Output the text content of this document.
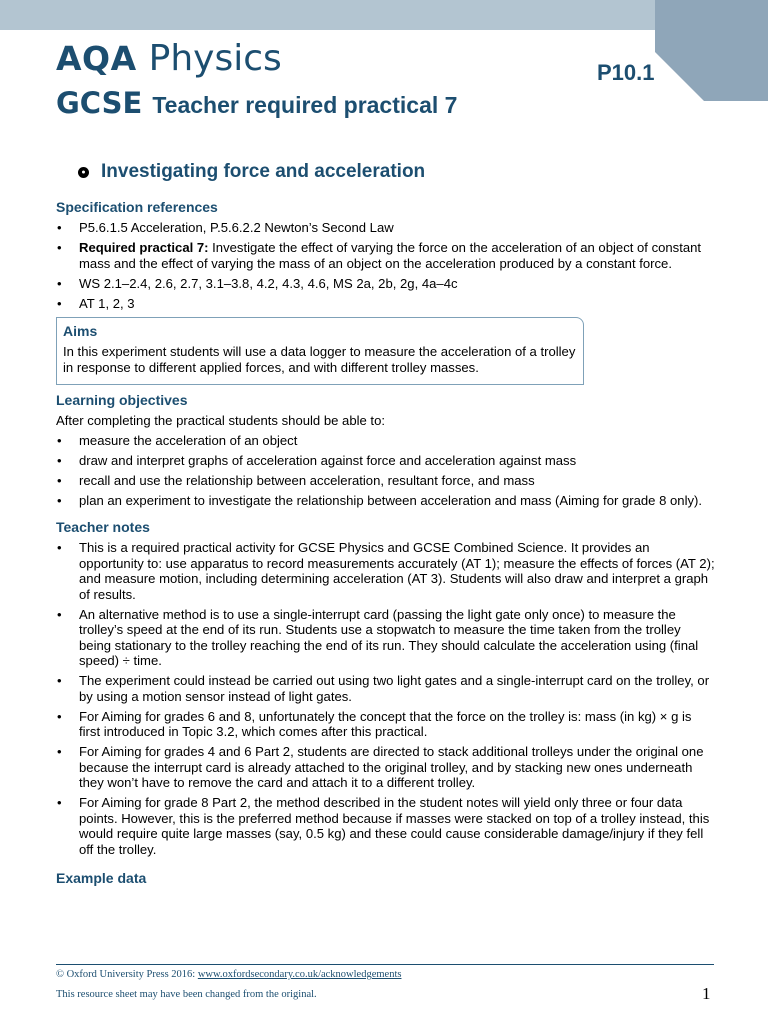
AQA Physics
GCSE Teacher required practical 7
P10.1
● Investigating force and acceleration
Specification references
• P5.6.1.5 Acceleration, P.5.6.2.2 Newton’s Second Law
• Required practical 7: Investigate the effect of varying the force on the acceleration of an object of constant mass and the effect of varying the mass of an object on the acceleration produced by a constant force.
• WS 2.1–2.4, 2.6, 2.7, 3.1–3.8, 4.2, 4.3, 4.6, MS 2a, 2b, 2g, 4a–4c
• AT 1, 2, 3
Aims

In this experiment students will use a data logger to measure the acceleration of a trolley in response to different applied forces, and with different trolley masses.

Learning objectives

After completing the practical students should be able to:

• measure the acceleration of an object
• draw and interpret graphs of acceleration against force and acceleration against mass
• recall and use the relationship between acceleration, resultant force, and mass
• plan an experiment to investigate the relationship between acceleration and mass (Aiming for grade 8 only).
Teacher notes
• This is a required practical activity for GCSE Physics and GCSE Combined Science. It provides an opportunity to: use apparatus to record measurements accurately (AT 1); measure the effects of forces (AT 2); and measure motion, including determining acceleration (AT 3). Students will also draw and interpret a graph of results.
• An alternative method is to use a single-interrupt card (passing the light gate only once) to measure the trolley’s speed at the end of its run. Students use a stopwatch to measure the time taken from the trolley being stationary to the trolley reaching the end of its run. They should calculate the acceleration using (final speed) ÷ time.
• The experiment could instead be carried out using two light gates and a single-interrupt card on the trolley, or by using a motion sensor instead of light gates.
• For Aiming for grades 6 and 8, unfortunately the concept that the force on the trolley is: mass (in kg) × g is first introduced in Topic 3.2, which comes after this practical.
• For Aiming for grades 4 and 6 Part 2, students are directed to stack additional trolleys under the original one because the interrupt card is already attached to the original trolley, and by stacking new ones underneath they won’t have to remove the card and attach it to a different trolley.
• For Aiming for grade 8 Part 2, the method described in the student notes will yield only three or four data points. However, this is the preferred method because if masses were stacked on top of a trolley instead, this would require quite large masses (say, 0.5 kg) and these could cause considerable damage/injury if they fell off the trolley.
Example data
© Oxford University Press 2016: www.oxfordsecondary.co.uk/acknowledgements
This resource sheet may have been changed from the original.	1
